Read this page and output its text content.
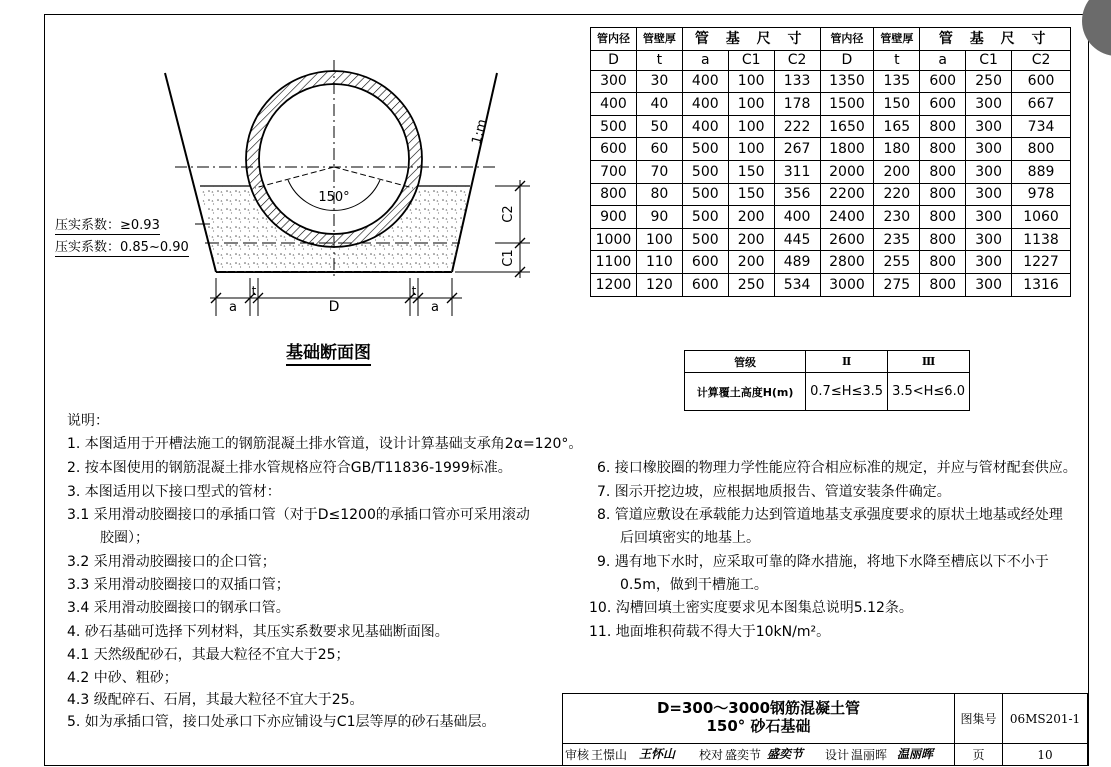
150°
1:m
C2
C1
a
t
D
t
a
压实系数：≥0.93
压实系数：0.85~0.90
基础断面图
管内径	管壁厚	管 基 尺 寸			管内径	管壁厚	管 基 尺 寸		
D	t	a	C1	C2	D	t	a	C1	C2
300	30	400	100	133	1350	135	600	250	600
400	40	400	100	178	1500	150	600	300	667
500	50	400	100	222	1650	165	800	300	734
600	60	500	100	267	1800	180	800	300	800
700	70	500	150	311	2000	200	800	300	889
800	80	500	150	356	2200	220	800	300	978
900	90	500	200	400	2400	230	800	300	1060
1000	100	500	200	445	2600	235	800	300	1138
1100	110	600	200	489	2800	255	800	300	1227
1200	120	600	250	534	3000	275	800	300	1316
管级	Ⅱ	Ⅲ
计算覆土高度H(m)	0.7≤H≤3.5	3.5<H≤6.0
说明：
1. 本图适用于开槽法施工的钢筋混凝土排水管道，设计计算基础支承角2α=120°。
2. 按本图使用的钢筋混凝土排水管规格应符合GB/T11836-1999标准。
3. 本图适用以下接口型式的管材：
3.1 采用滑动胶圈接口的承插口管（对于D≤1200的承插口管亦可采用滚动
胶圈）；
3.2 采用滑动胶圈接口的企口管；
3.3 采用滑动胶圈接口的双插口管；
3.4 采用滑动胶圈接口的钢承口管。
4. 砂石基础可选择下列材料，其压实系数要求见基础断面图。
4.1 天然级配砂石，其最大粒径不宜大于25；
4.2 中砂、粗砂；
4.3 级配碎石、石屑，其最大粒径不宜大于25。
5. 如为承插口管，接口处承口下亦应铺设与C1层等厚的砂石基础层。
6. 接口橡胶圈的物理力学性能应符合相应标准的规定，并应与管材配套供应。
7. 图示开挖边坡，应根据地质报告、管道安装条件确定。
8. 管道应敷设在承载能力达到管道地基支承强度要求的原状土地基或经处理
后回填密实的地基上。
9. 遇有地下水时，应采取可靠的降水措施，将地下水降至槽底以下不小于
0.5m，做到干槽施工。
10. 沟槽回填土密实度要求见本图集总说明5.12条。
11. 地面堆积荷载不得大于10kN/m²。
D=300～3000钢筋混凝土管
150° 砂石基础	图集号	06MS201-1
审核 王憬山 王怀山 校对 盛奕节 盛奕节 设计 温丽晖 温丽晖	页	10
